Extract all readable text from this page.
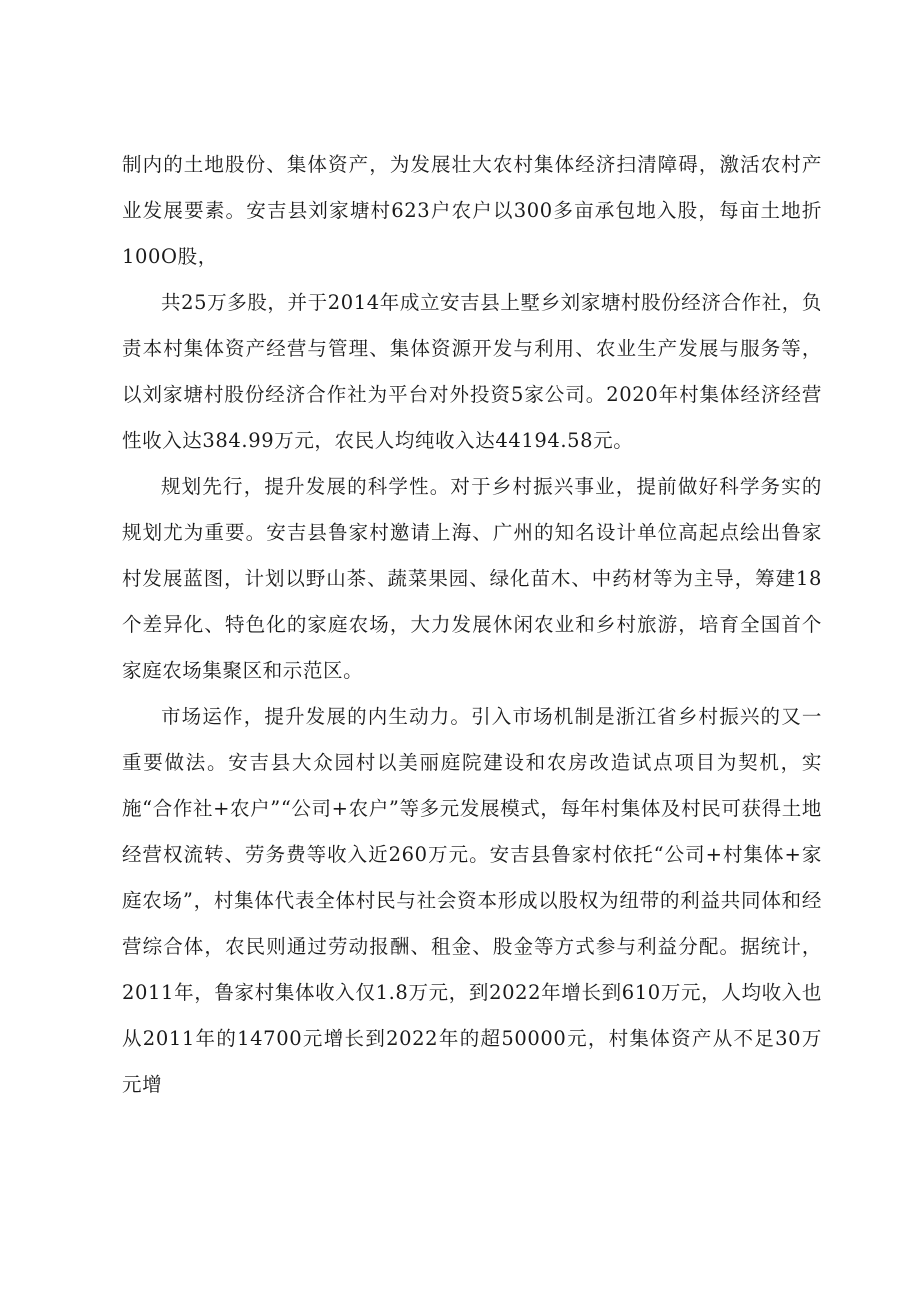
制内的土地股份、集体资产，为发展壮大农村集体经济扫清障碍，激活农村产业发展要素。安吉县刘家塘村623户农户以300多亩承包地入股，每亩土地折100O股，

共25万多股，并于2014年成立安吉县上墅乡刘家塘村股份经济合作社，负责本村集体资产经营与管理、集体资源开发与利用、农业生产发展与服务等，以刘家塘村股份经济合作社为平台对外投资5家公司。2020年村集体经济经营性收入达384.99万元，农民人均纯收入达44194.58元。

规划先行，提升发展的科学性。对于乡村振兴事业，提前做好科学务实的规划尤为重要。安吉县鲁家村邀请上海、广州的知名设计单位高起点绘出鲁家村发展蓝图，计划以野山茶、蔬菜果园、绿化苗木、中药材等为主导，筹建18个差异化、特色化的家庭农场，大力发展休闲农业和乡村旅游，培育全国首个家庭农场集聚区和示范区。

市场运作，提升发展的内生动力。引入市场机制是浙江省乡村振兴的又一重要做法。安吉县大众园村以美丽庭院建设和农房改造试点项目为契机，实施“合作社+农户”“公司+农户”等多元发展模式，每年村集体及村民可获得土地经营权流转、劳务费等收入近260万元。安吉县鲁家村依托“公司+村集体+家庭农场”，村集体代表全体村民与社会资本形成以股权为纽带的利益共同体和经营综合体，农民则通过劳动报酬、租金、股金等方式参与利益分配。据统计，2011年，鲁家村集体收入仅1.8万元，到2022年增长到610万元，人均收入也从2011年的14700元增长到2022年的超50000元，村集体资产从不足30万元增
